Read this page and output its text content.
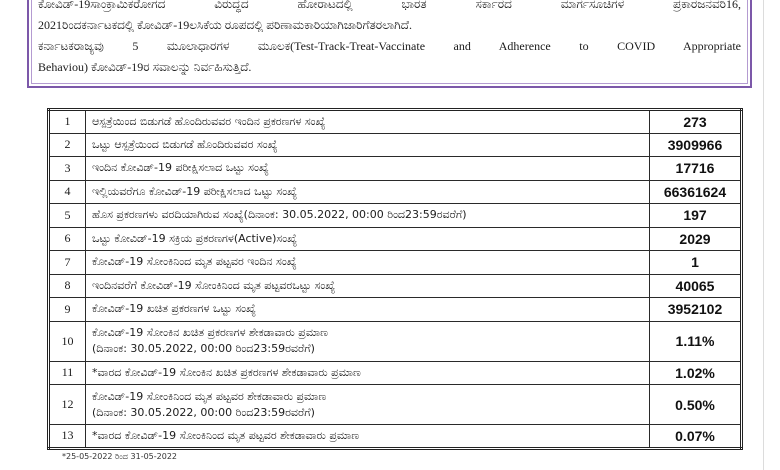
ಕೋವಿಡ್-19ಸಾಂಕ್ರಾಮಿಕರೋಗದ ವಿರುದ್ಧದ ಹೋರಾಟದಲ್ಲಿ ಭಾರತ ಸರ್ಕಾರದ ಮಾರ್ಗಸೂಚಿಗಳ ಪ್ರಕಾರಜನವರಿ16,
2021ರಿಂದಕರ್ನಾಟಕದಲ್ಲಿ ಕೋವಿಡ್-19ಲಸಿಕೆಯ ರೂಪದಲ್ಲಿ ಪರಿಣಾಮಕಾರಿಯಾಗಿಜಾರಿಗೆತರಲಾಗಿದೆ.
ಕರ್ನಾಟಕರಾಜ್ಯವು 5 ಮೂಲಾಧಾರಗಳ ಮೂಲಕ(Test-Track-Treat-Vaccinate and Adherence to COVID Appropriate
Behaviou) ಕೋವಿಡ್-19ರ ಸವಾಲನ್ನು ನಿರ್ವಹಿಸುತ್ತಿದೆ.
1	ಆಸ್ಪತ್ರೆಯಿಂದ ಬಿಡುಗಡೆ ಹೊಂದಿರುವವರ ಇಂದಿನ ಪ್ರಕರಣಗಳ ಸಂಖ್ಯೆ	273
2	ಒಟ್ಟು ಆಸ್ಪತ್ರೆಯಿಂದ ಬಿಡುಗಡೆ ಹೊಂದಿರುವವರ ಸಂಖ್ಯೆ	3909966
3	ಇಂದಿನ ಕೋವಿಡ್-19 ಪರೀಕ್ಷಿಸಲಾದ ಒಟ್ಟು ಸಂಖ್ಯೆ	17716
4	ಇಲ್ಲಿಯವರೆಗೂ ಕೋವಿಡ್-19 ಪರೀಕ್ಷಿಸಲಾದ ಒಟ್ಟು ಸಂಖ್ಯೆ	66361624
5	ಹೊಸ ಪ್ರಕರಣಗಳು ವರದಿಯಾಗಿರುವ ಸಂಖ್ಯೆ(ದಿನಾಂಕ: 30.05.2022, 00:00 ರಿಂದ23:59ರವರೆಗೆ)	197
6	ಒಟ್ಟು ಕೋವಿಡ್-19 ಸಕ್ರಿಯ ಪ್ರಕರಣಗಳ(Active)ಸಂಖ್ಯೆ	2029
7	ಕೋವಿಡ್-19 ಸೋಂಕಿನಿಂದ ಮೃತ ಪಟ್ಟವರ ಇಂದಿನ ಸಂಖ್ಯೆ	1
8	ಇಂದಿನವರೆಗೆ ಕೋವಿಡ್-19 ಸೋಂಕಿನಿಂದ ಮೃತ ಪಟ್ಟವರಒಟ್ಟು ಸಂಖ್ಯೆ	40065
9	ಕೋವಿಡ್-19 ಖಚಿತ ಪ್ರಕರಣಗಳ ಒಟ್ಟು ಸಂಖ್ಯೆ	3952102
10	ಕೋವಿಡ್-19 ಸೋಂಕಿನ ಖಚಿತ ಪ್ರಕರಣಗಳ ಶೇಕಡಾವಾರು ಪ್ರಮಾಣ
(ದಿನಾಂಕ: 30.05.2022, 00:00 ರಿಂದ23:59ರವರೆಗೆ)	1.11%
11	*ವಾರದ ಕೋವಿಡ್-19 ಸೋಂಕಿನ ಖಚಿತ ಪ್ರಕರಣಗಳ ಶೇಕಡಾವಾರು ಪ್ರಮಾಣ	1.02%
12	ಕೋವಿಡ್-19 ಸೋಂಕಿನಿಂದ ಮೃತ ಪಟ್ಟವರ ಶೇಕಡಾವಾರು ಪ್ರಮಾಣ
(ದಿನಾಂಕ: 30.05.2022, 00:00 ರಿಂದ23:59ರವರೆಗೆ)	0.50%
13	*ವಾರದ ಕೋವಿಡ್-19 ಸೋಂಕಿನಿಂದ ಮೃತ ಪಟ್ಟವರ ಶೇಕಡಾವಾರು ಪ್ರಮಾಣ	0.07%
*25-05-2022 ರಿಂದ 31-05-2022
